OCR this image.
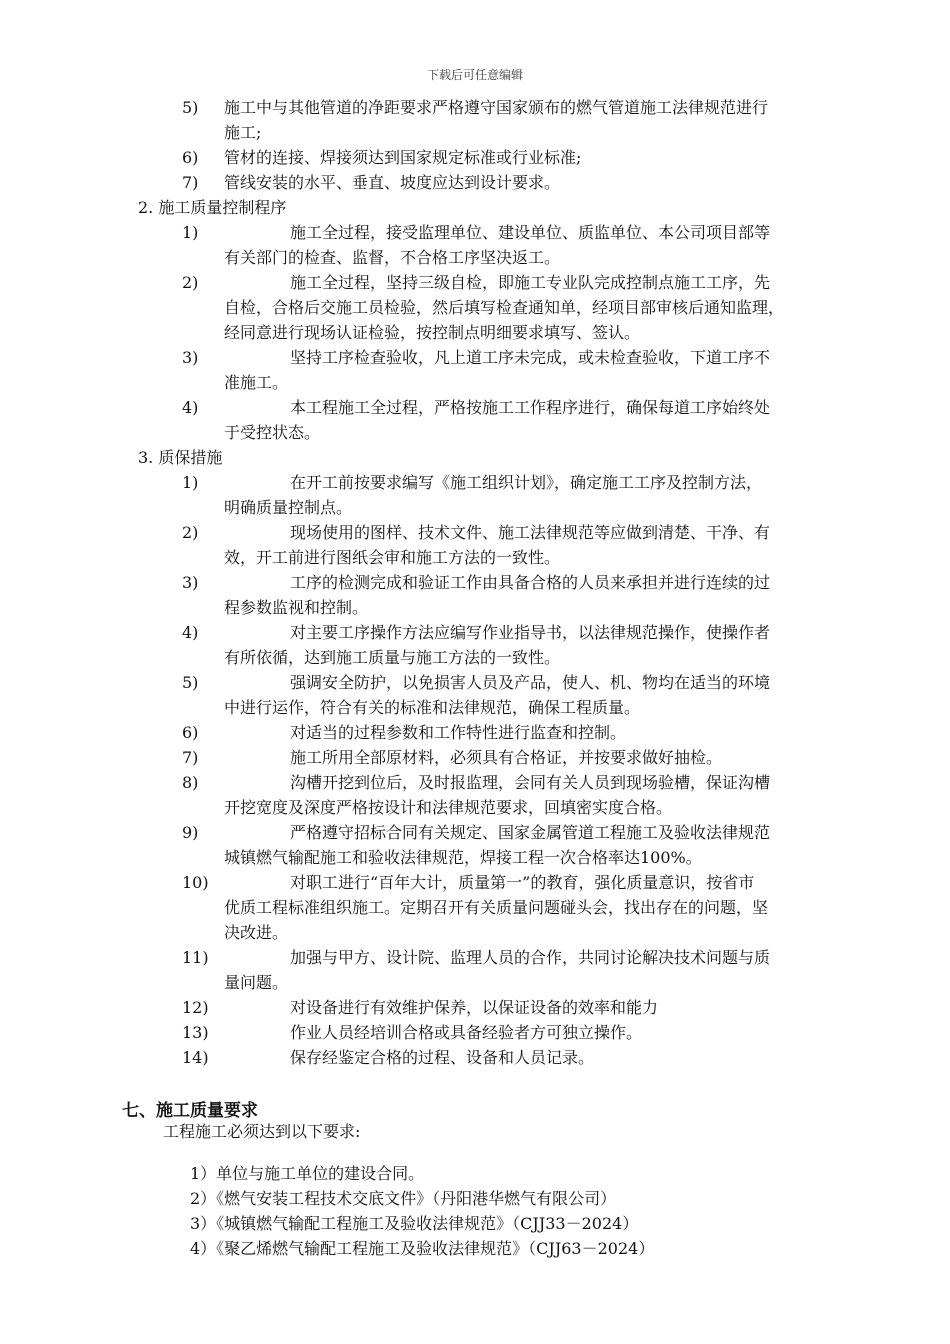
下载后可任意编辑
5) 施工中与其他管道的净距要求严格遵守国家颁布的燃气管道施工法律规范进行
施工;
6) 管材的连接、焊接须达到国家规定标准或行业标准;
7) 管线安装的水平、垂直、坡度应达到设计要求。
2. 施工质量控制程序
1)	施工全过程，接受监理单位、建设单位、质监单位、本公司项目部等
有关部门的检查、监督，不合格工序坚决返工。
2)	施工全过程，坚持三级自检，即施工专业队完成控制点施工工序，先
自检，合格后交施工员检验，然后填写检查通知单，经项目部审核后通知监理，
经同意进行现场认证检验，按控制点明细要求填写、签认。
3)	坚持工序检查验收，凡上道工序未完成，或未检查验收，下道工序不
准施工。
4)	本工程施工全过程，严格按施工工作程序进行，确保每道工序始终处
于受控状态。
3. 质保措施
1)	在开工前按要求编写《施工组织计划》，确定施工工序及控制方法，
明确质量控制点。
2)	现场使用的图样、技术文件、施工法律规范等应做到清楚、干净、有
效，开工前进行图纸会审和施工方法的一致性。
3)	工序的检测完成和验证工作由具备合格的人员来承担并进行连续的过
程参数监视和控制。
4)	对主要工序操作方法应编写作业指导书，以法律规范操作，使操作者
有所依循，达到施工质量与施工方法的一致性。
5)	强调安全防护，以免损害人员及产品，使人、机、物均在适当的环境
中进行运作，符合有关的标准和法律规范，确保工程质量。
6)	对适当的过程参数和工作特性进行监查和控制。
7)	施工所用全部原材料，必须具有合格证，并按要求做好抽检。
8)	沟槽开挖到位后，及时报监理，会同有关人员到现场验槽，保证沟槽
开挖宽度及深度严格按设计和法律规范要求，回填密实度合格。
9)	严格遵守招标合同有关规定、国家金属管道工程施工及验收法律规范
城镇燃气输配施工和验收法律规范，焊接工程一次合格率达100%。
10)	对职工进行“百年大计，质量第一”的教育，强化质量意识，按省市
优质工程标准组织施工。定期召开有关质量问题碰头会，找出存在的问题，坚
决改进。
11)	加强与甲方、设计院、监理人员的合作，共同讨论解决技术问题与质
量问题。
12)	对设备进行有效维护保养，以保证设备的效率和能力
13)	作业人员经培训合格或具备经验者方可独立操作。
14)	保存经鉴定合格的过程、设备和人员记录。
七、施工质量要求
工程施工必须达到以下要求:
1）单位与施工单位的建设合同。
2）《燃气安装工程技术交底文件》（丹阳港华燃气有限公司）
3）《城镇燃气输配工程施工及验收法律规范》（CJJ33－2024）
4）《聚乙烯燃气输配工程施工及验收法律规范》（CJJ63－2024）
